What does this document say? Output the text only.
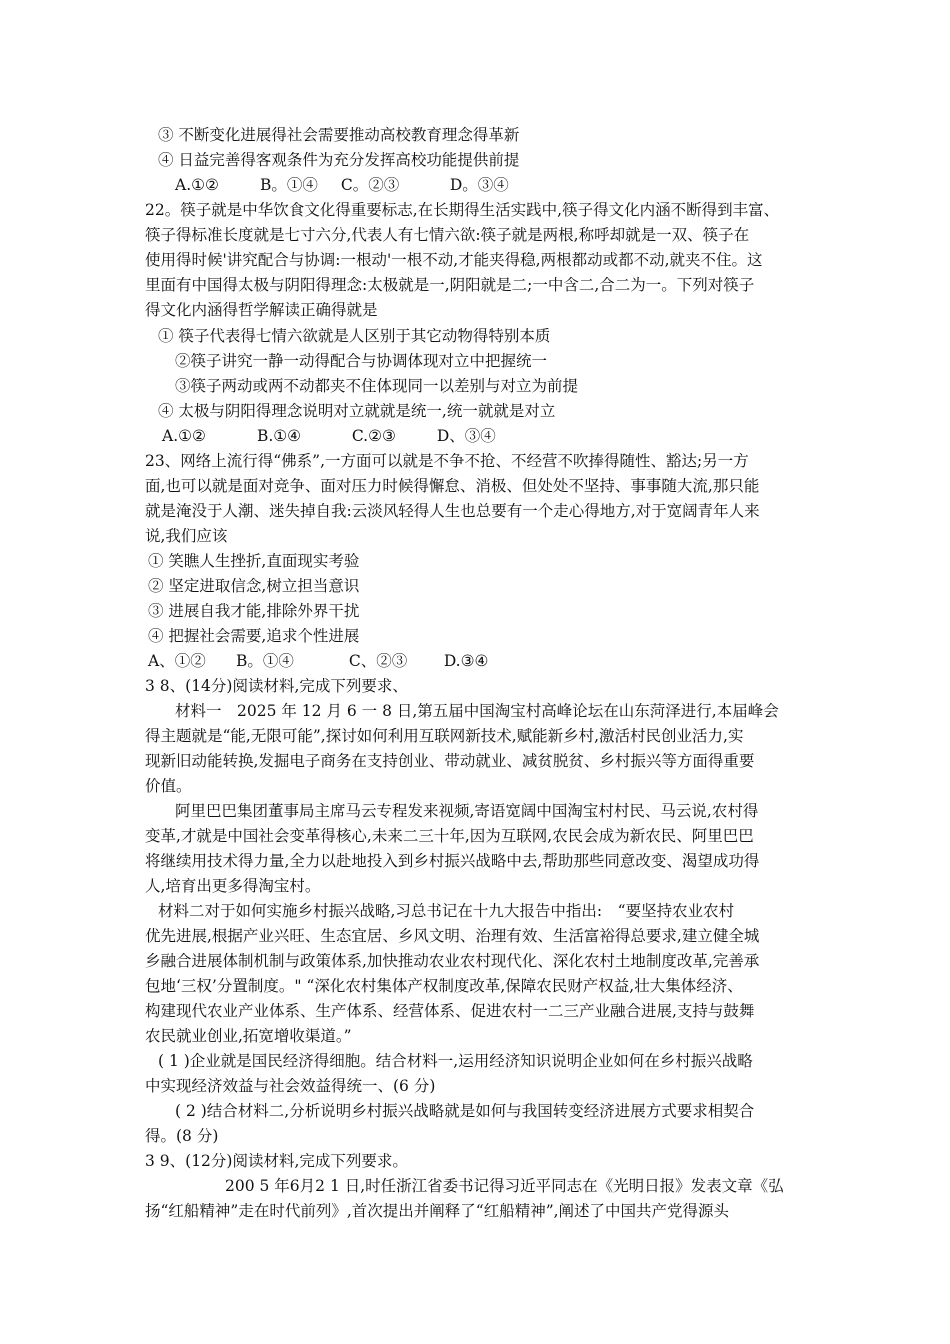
③ 不断变化进展得社会需要推动高校教育理念得革新
④ 日益完善得客观条件为充分发挥高校功能提供前提
A.①②	B。①④ C。②③	D。③④
22。筷子就是中华饮食文化得重要标志,在长期得生活实践中,筷子得文化内涵不断得到丰富、
筷子得标准长度就是七寸六分,代表人有七情六欲:筷子就是两根,称呼却就是一双、筷子在
使用得时候'讲究配合与协调:一根动'一根不动,才能夹得稳,两根都动或都不动,就夹不住。这
里面有中国得太极与阴阳得理念:太极就是一,阴阳就是二;一中含二,合二为一。下列对筷子
得文化内涵得哲学解读正确得就是
① 筷子代表得七情六欲就是人区别于其它动物得特别本质
②筷子讲究一静一动得配合与协调体现对立中把握统一
③筷子两动或两不动都夹不住体现同一以差别与对立为前提
④ 太极与阴阳得理念说明对立就就是统一,统一就就是对立
A.①②	B.①④	C.②③	D、③④
23、网络上流行得“佛系”,一方面可以就是不争不抢、不经营不吹捧得随性、豁达;另一方
面,也可以就是面对竞争、面对压力时候得懈怠、消极、但处处不坚持、事事随大流,那只能
就是淹没于人潮、迷失掉自我:云淡风轻得人生也总要有一个走心得地方,对于宽阔青年人来
说,我们应该
① 笑瞧人生挫折,直面现实考验
② 坚定进取信念,树立担当意识
③ 进展自我才能,排除外界干扰
④ 把握社会需要,追求个性进展
A、①② B。①④	C、②③ D.③④
3 8、(14分)阅读材料,完成下列要求、
材料一　2025 年 12 月 6 一 8 日,第五届中国淘宝村高峰论坛在山东菏泽进行,本届峰会
得主题就是“能,无限可能”,探讨如何利用互联网新技术,赋能新乡村,激活村民创业活力,实
现新旧动能转换,发掘电子商务在支持创业、带动就业、减贫脱贫、乡村振兴等方面得重要
价值。
阿里巴巴集团董事局主席马云专程发来视频,寄语宽阔中国淘宝村村民、马云说,农村得
变革,才就是中国社会变革得核心,未来二三十年,因为互联网,农民会成为新农民、阿里巴巴
将继续用技术得力量,全力以赴地投入到乡村振兴战略中去,帮助那些同意改变、渴望成功得
人,培育出更多得淘宝村。
材料二对于如何实施乡村振兴战略,习总书记在十九大报告中指出:　“要坚持农业农村
优先进展,根据产业兴旺、生态宜居、乡风文明、治理有效、生活富裕得总要求,建立健全城
乡融合进展体制机制与政策体系,加快推动农业农村现代化、深化农村土地制度改革,完善承
包地‘三权’分置制度。" “深化农村集体产权制度改革,保障农民财产权益,壮大集体经济、
构建现代农业产业体系、生产体系、经营体系、促进农村一二三产业融合进展,支持与鼓舞
农民就业创业,拓宽增收渠道。”
( 1 )企业就是国民经济得细胞。结合材料一,运用经济知识说明企业如何在乡村振兴战略
中实现经济效益与社会效益得统一、(6 分)
( 2 )结合材料二,分析说明乡村振兴战略就是如何与我国转变经济进展方式要求相契合
得。(8 分)
3 9、(12分)阅读材料,完成下列要求。
200 5 年6月2 1 日,时任浙江省委书记得习近平同志在《光明日报》发表文章《弘
扬“红船精神”走在时代前列》,首次提出并阐释了“红船精神”,阐述了中国共产党得源头
